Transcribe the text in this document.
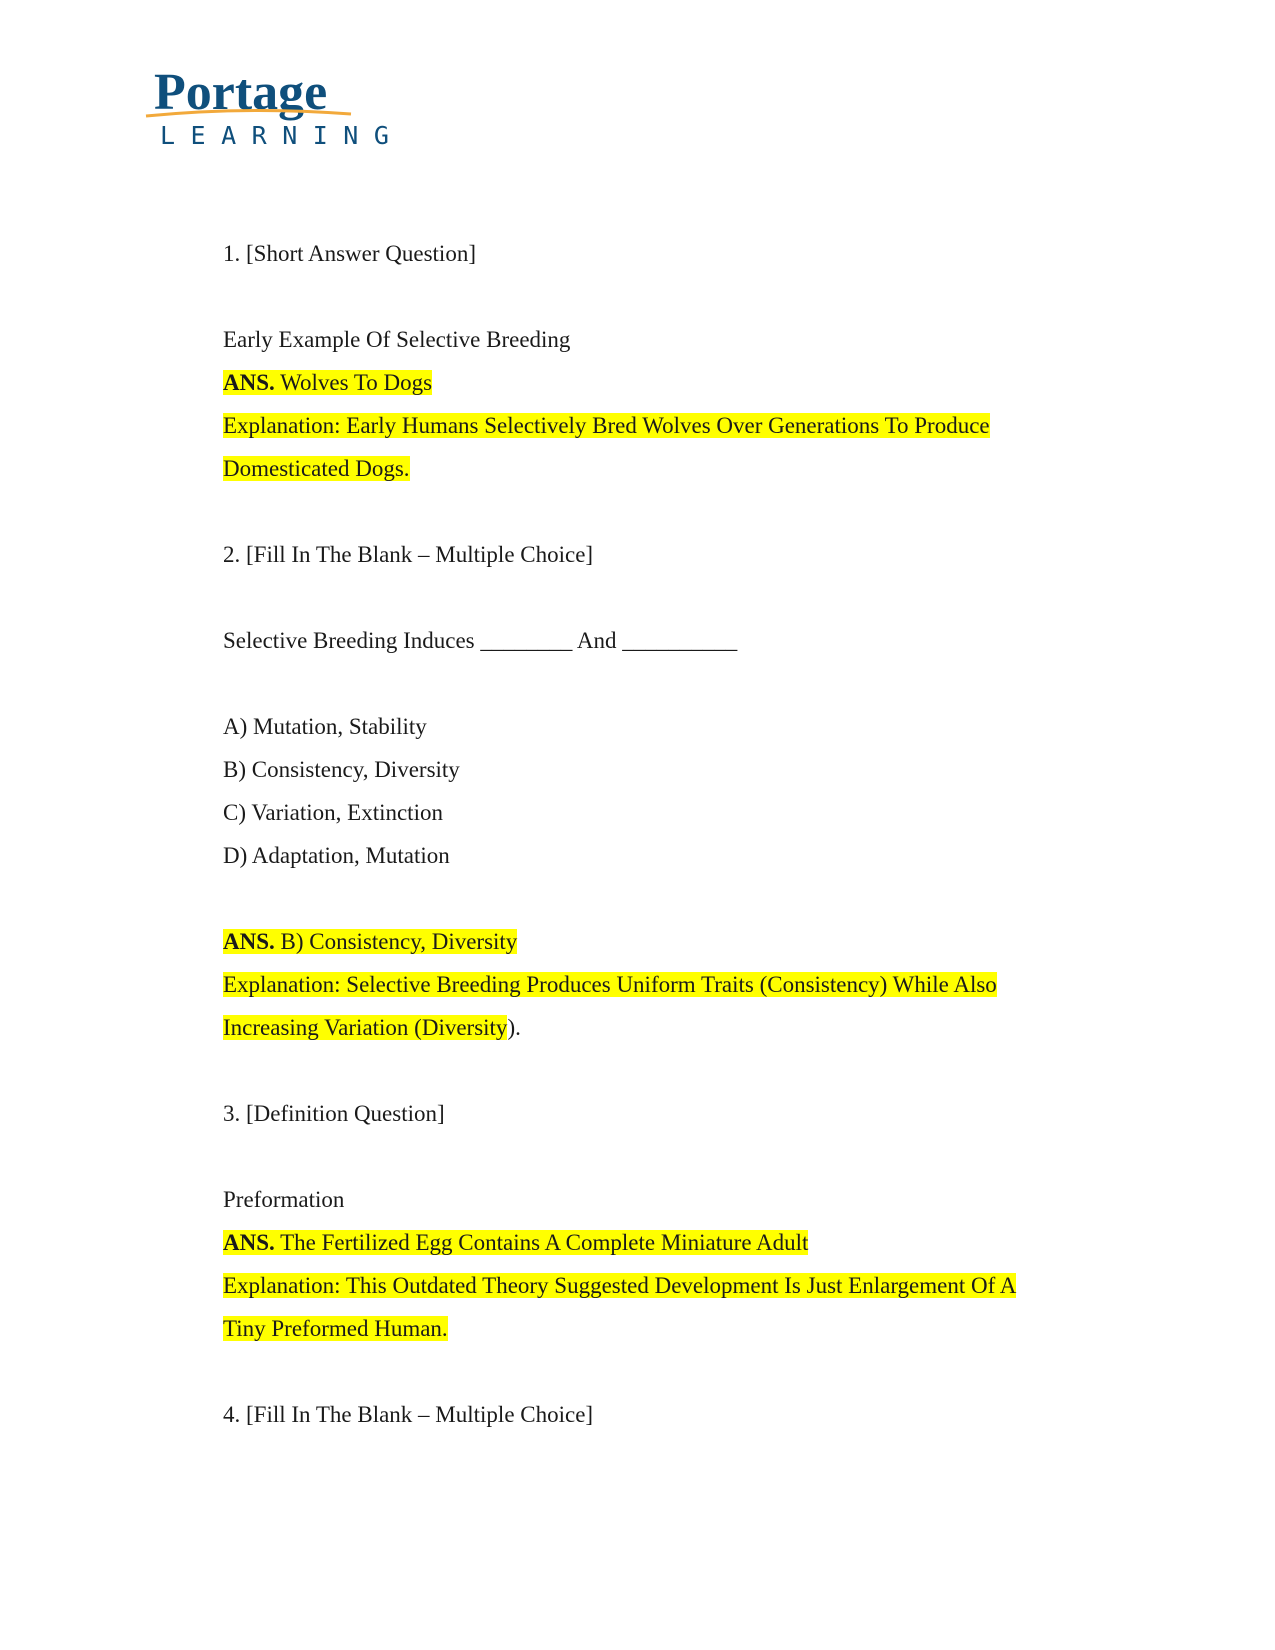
Portage
LEARNING
1. [Short Answer Question]
Early Example Of Selective Breeding
ANS. Wolves To Dogs
Explanation: Early Humans Selectively Bred Wolves Over Generations To Produce
Domesticated Dogs.
2. [Fill In The Blank – Multiple Choice]
Selective Breeding Induces ________ And __________
A) Mutation, Stability
B) Consistency, Diversity
C) Variation, Extinction
D) Adaptation, Mutation
ANS. B) Consistency, Diversity
Explanation: Selective Breeding Produces Uniform Traits (Consistency) While Also
Increasing Variation (Diversity).
3. [Definition Question]
Preformation
ANS. The Fertilized Egg Contains A Complete Miniature Adult
Explanation: This Outdated Theory Suggested Development Is Just Enlargement Of A
Tiny Preformed Human.
4. [Fill In The Blank – Multiple Choice]
